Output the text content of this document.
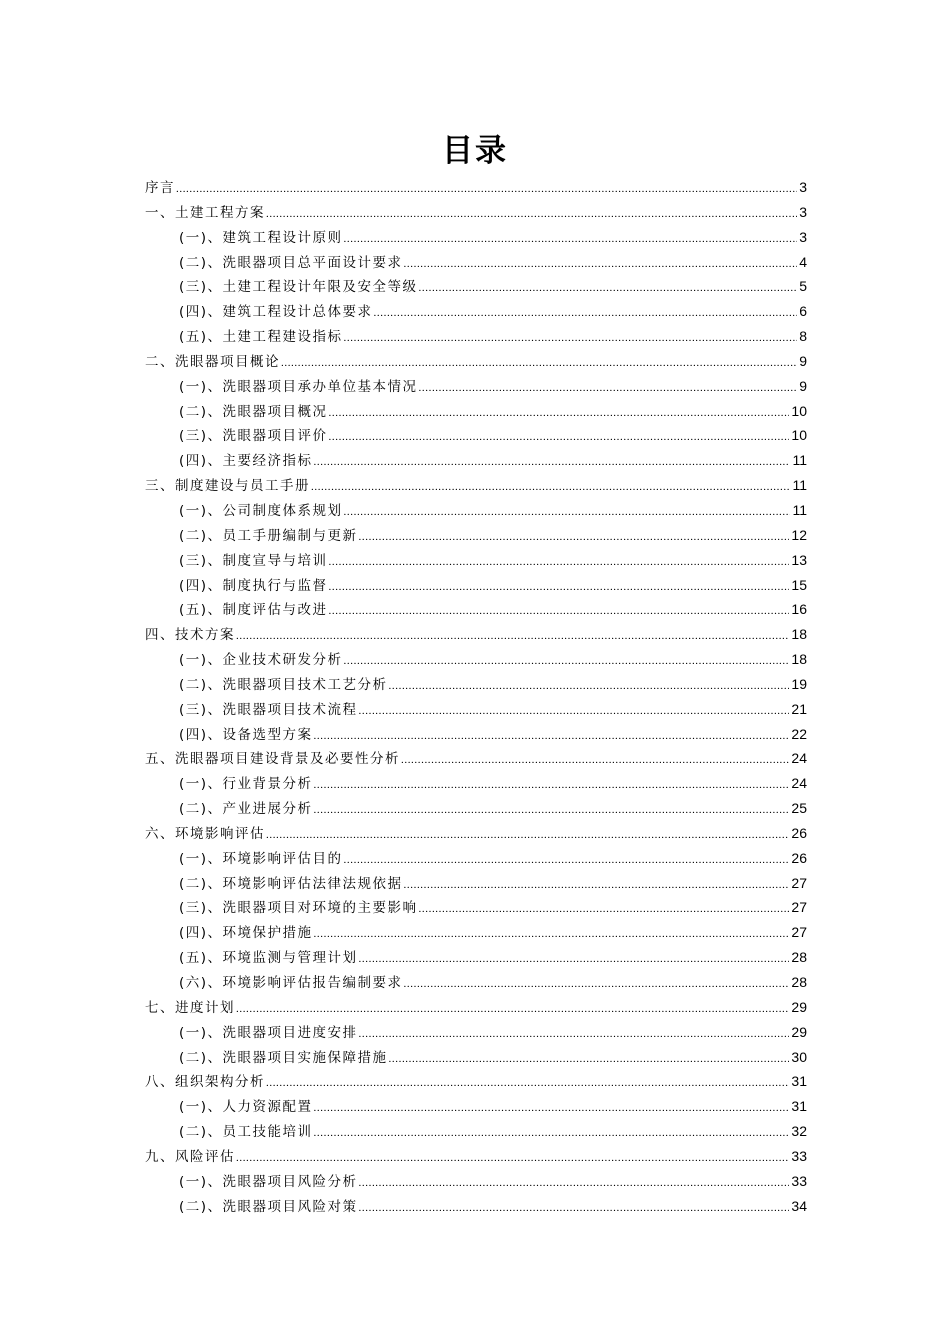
目录
序言 .....	3
一、土建工程方案 .....	3
(一)、建筑工程设计原则 .....	3
(二)、洗眼器项目总平面设计要求 .....	4
(三)、土建工程设计年限及安全等级 .....	5
(四)、建筑工程设计总体要求 .....	6
(五)、土建工程建设指标 .....	8
二、洗眼器项目概论 .....	9
(一)、洗眼器项目承办单位基本情况 .....	9
(二)、洗眼器项目概况 .....	10
(三)、洗眼器项目评价 .....	10
(四)、主要经济指标 .....	11
三、制度建设与员工手册 .....	11
(一)、公司制度体系规划 .....	11
(二)、员工手册编制与更新 .....	12
(三)、制度宣导与培训 .....	13
(四)、制度执行与监督 .....	15
(五)、制度评估与改进 .....	16
四、技术方案 .....	18
(一)、企业技术研发分析 .....	18
(二)、洗眼器项目技术工艺分析 .....	19
(三)、洗眼器项目技术流程 .....	21
(四)、设备选型方案 .....	22
五、洗眼器项目建设背景及必要性分析 .....	24
(一)、行业背景分析 .....	24
(二)、产业进展分析 .....	25
六、环境影响评估 .....	26
(一)、环境影响评估目的 .....	26
(二)、环境影响评估法律法规依据 .....	27
(三)、洗眼器项目对环境的主要影响 .....	27
(四)、环境保护措施 .....	27
(五)、环境监测与管理计划 .....	28
(六)、环境影响评估报告编制要求 .....	28
七、进度计划 .....	29
(一)、洗眼器项目进度安排 .....	29
(二)、洗眼器项目实施保障措施 .....	30
八、组织架构分析 .....	31
(一)、人力资源配置 .....	31
(二)、员工技能培训 .....	32
九、风险评估 .....	33
(一)、洗眼器项目风险分析 .....	33
(二)、洗眼器项目风险对策 .....	34
